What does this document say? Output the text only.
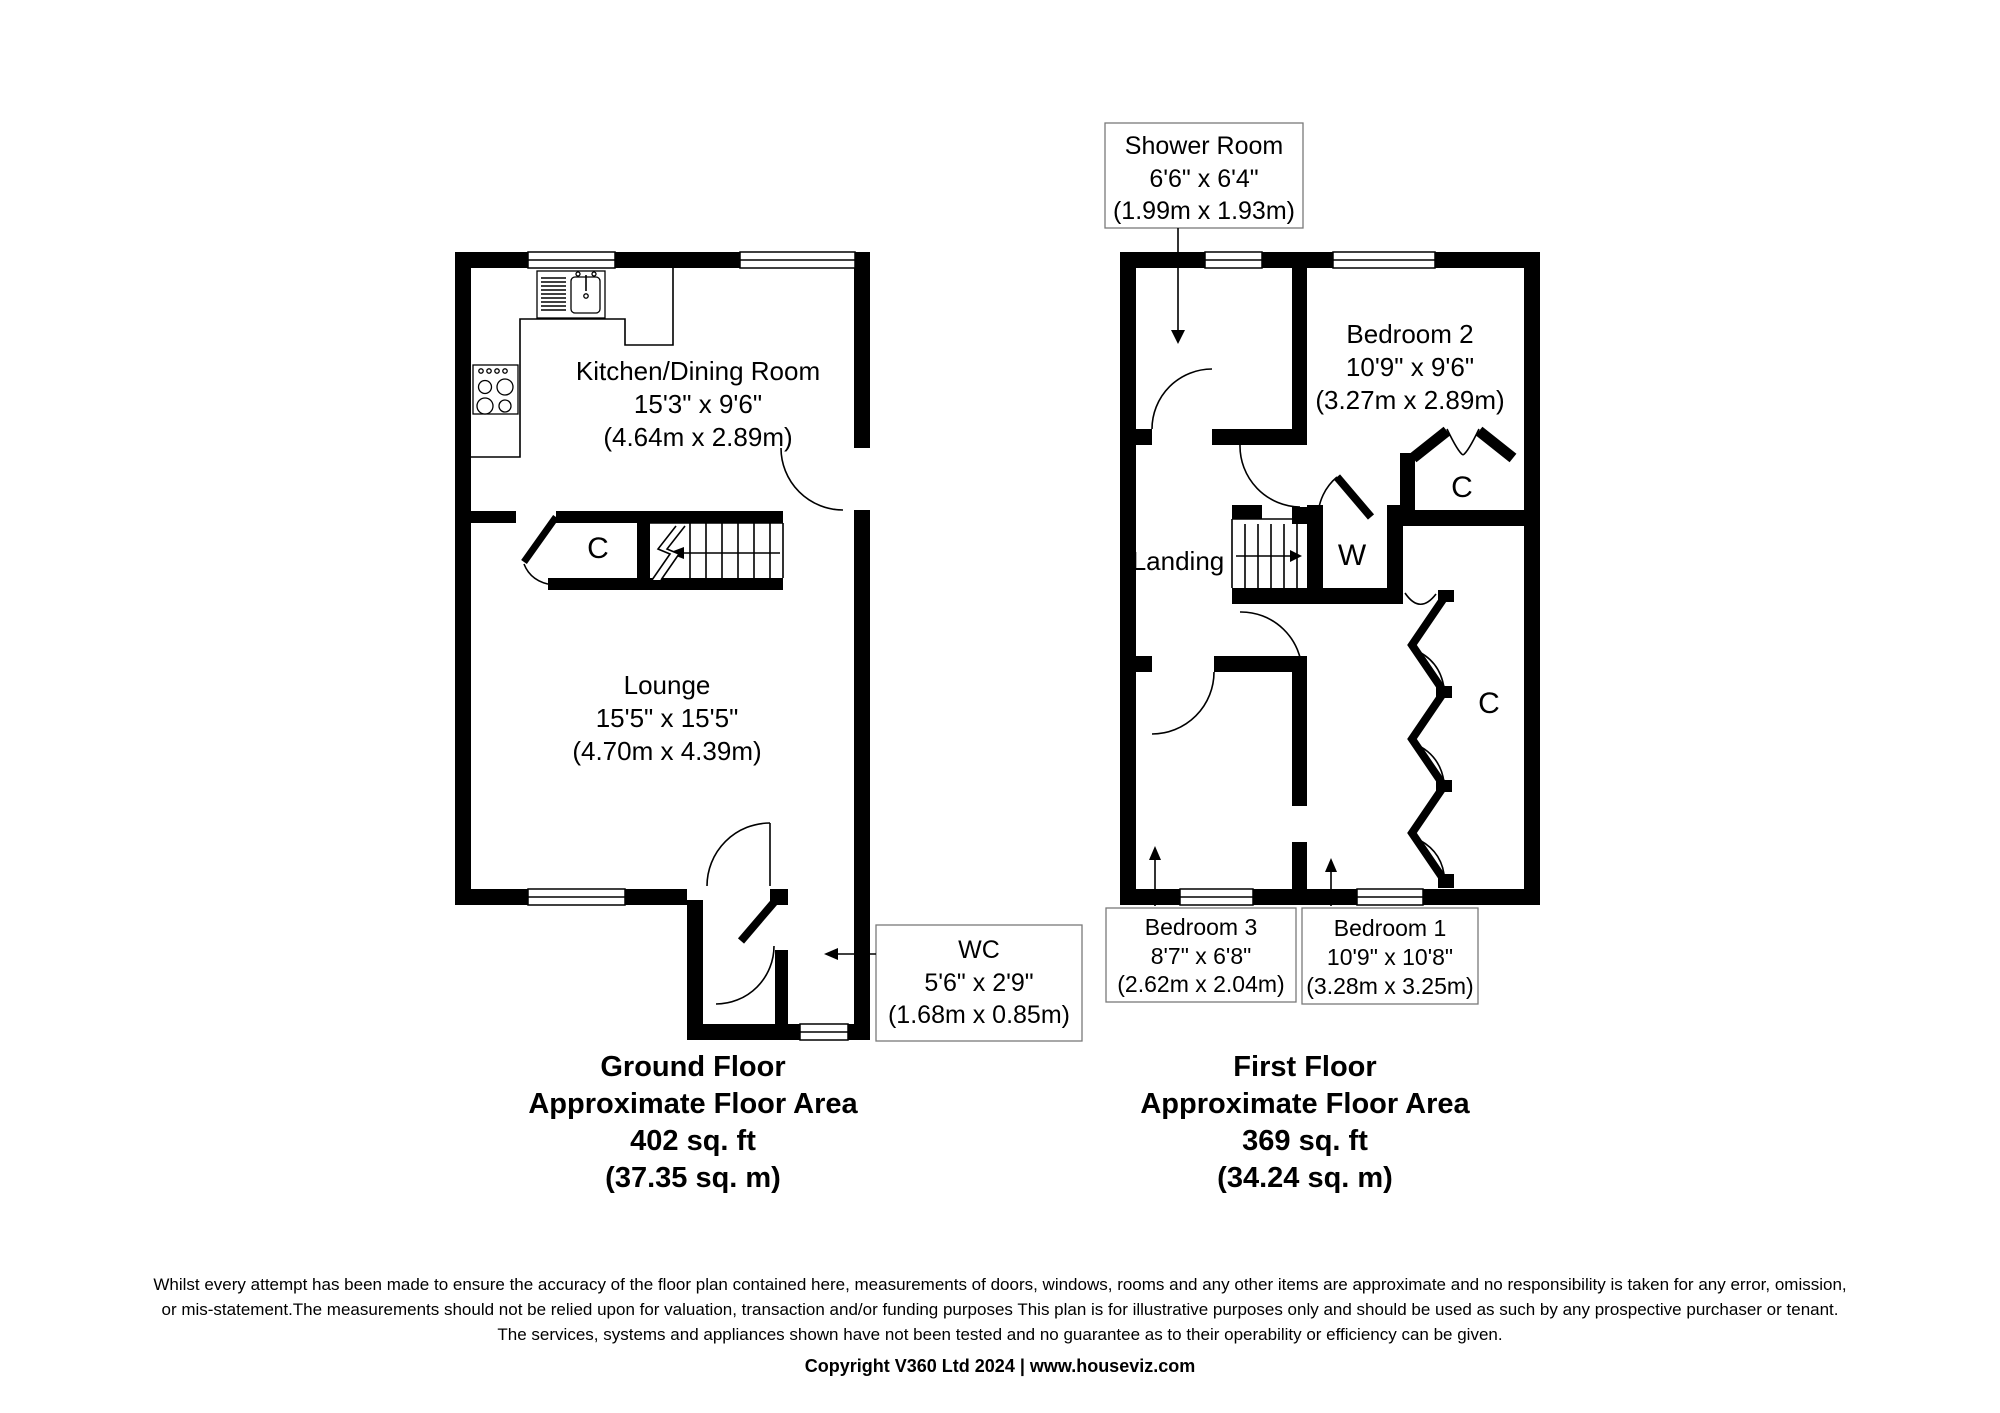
Kitchen/Dining Room
15'3" x 9'6"
(4.64m x 2.89m)
Lounge
15'5" x 15'5"
(4.70m x 4.39m)
C
WC
5'6" x 2'9"
(1.68m x 0.85m)
Ground Floor
Approximate Floor Area
402 sq. ft
(37.35 sq. m)
Shower Room
6'6" x 6'4"
(1.99m x 1.93m)
Bedroom 2
10'9" x 9'6"
(3.27m x 2.89m)
Landing	W
C
C
Bedroom 3
8'7" x 6'8"
(2.62m x 2.04m)
Bedroom 1
10'9" x 10'8"
(3.28m x 3.25m)
First Floor
Approximate Floor Area
369 sq. ft
(34.24 sq. m)
Whilst every attempt has been made to ensure the accuracy of the floor plan contained here, measurements of doors, windows, rooms and any other items are approximate and no responsibility is taken for any error, omission,
or mis-statement.The measurements should not be relied upon for valuation, transaction and/or funding purposes This plan is for illustrative purposes only and should be used as such by any prospective purchaser or tenant.
The services, systems and appliances shown have not been tested and no guarantee as to their operability or efficiency can be given.
Copyright V360 Ltd 2024 | www.houseviz.com
